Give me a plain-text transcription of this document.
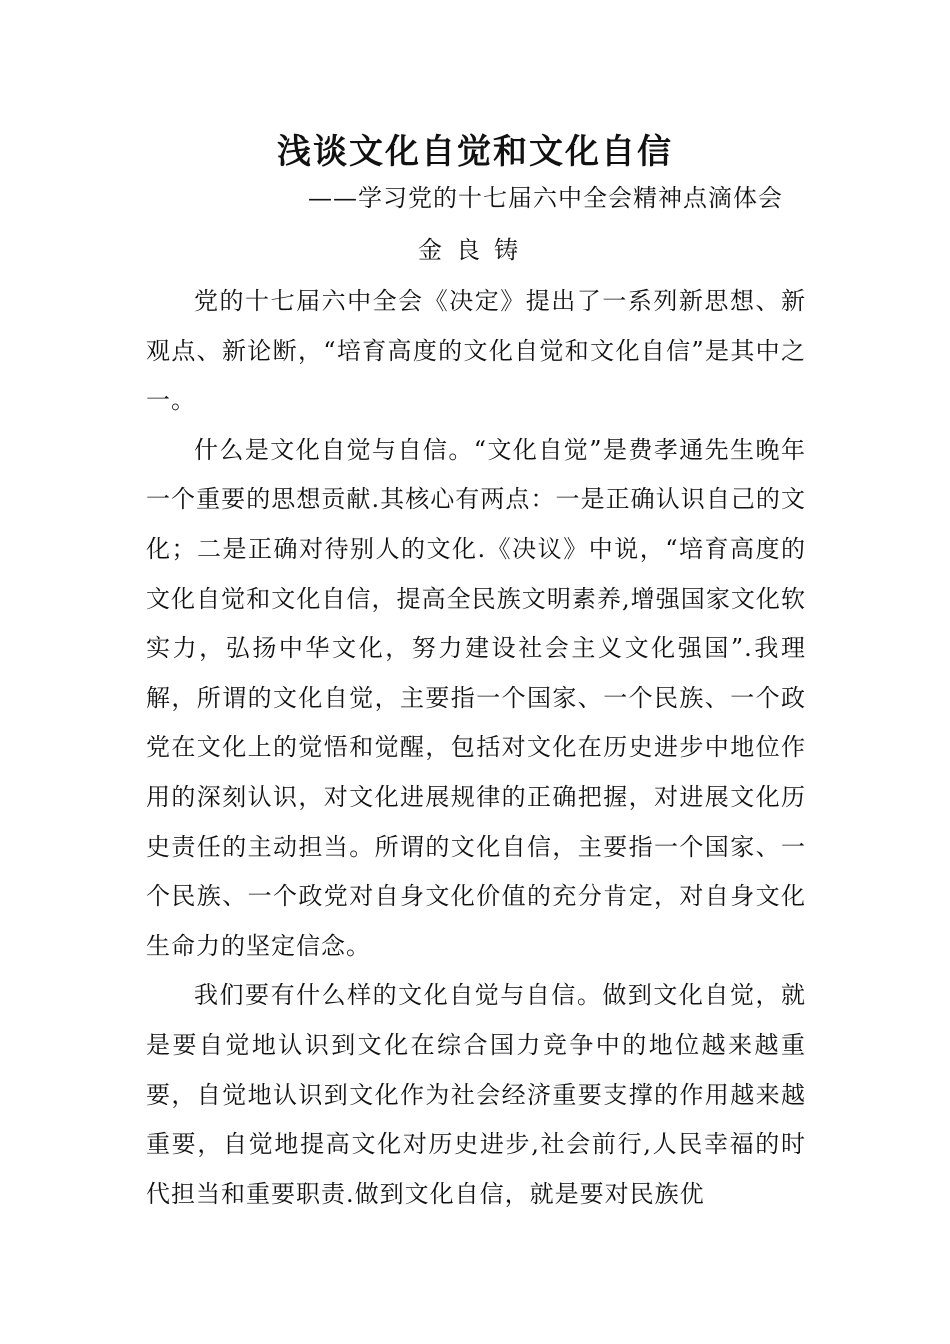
浅谈文化自觉和文化自信
——学习党的十七届六中全会精神点滴体会
金良铸

党的十七届六中全会《决定》提出了一系列新思想、新观点、新论断，“培育高度的文化自觉和文化自信”是其中之一。

什么是文化自觉与自信。“文化自觉”是费孝通先生晚年一个重要的思想贡献.其核心有两点：一是正确认识自己的文化；二是正确对待别人的文化.《决议》中说，“培育高度的文化自觉和文化自信，提高全民族文明素养,增强国家文化软实力，弘扬中华文化，努力建设社会主义文化强国”.我理解，所谓的文化自觉，主要指一个国家、一个民族、一个政党在文化上的觉悟和觉醒，包括对文化在历史进步中地位作用的深刻认识，对文化进展规律的正确把握，对进展文化历史责任的主动担当。所谓的文化自信，主要指一个国家、一个民族、一个政党对自身文化价值的充分肯定，对自身文化生命力的坚定信念。

我们要有什么样的文化自觉与自信。做到文化自觉，就是要自觉地认识到文化在综合国力竞争中的地位越来越重要，自觉地认识到文化作为社会经济重要支撑的作用越来越重要，自觉地提高文化对历史进步,社会前行,人民幸福的时代担当和重要职责.做到文化自信，就是要对民族优
